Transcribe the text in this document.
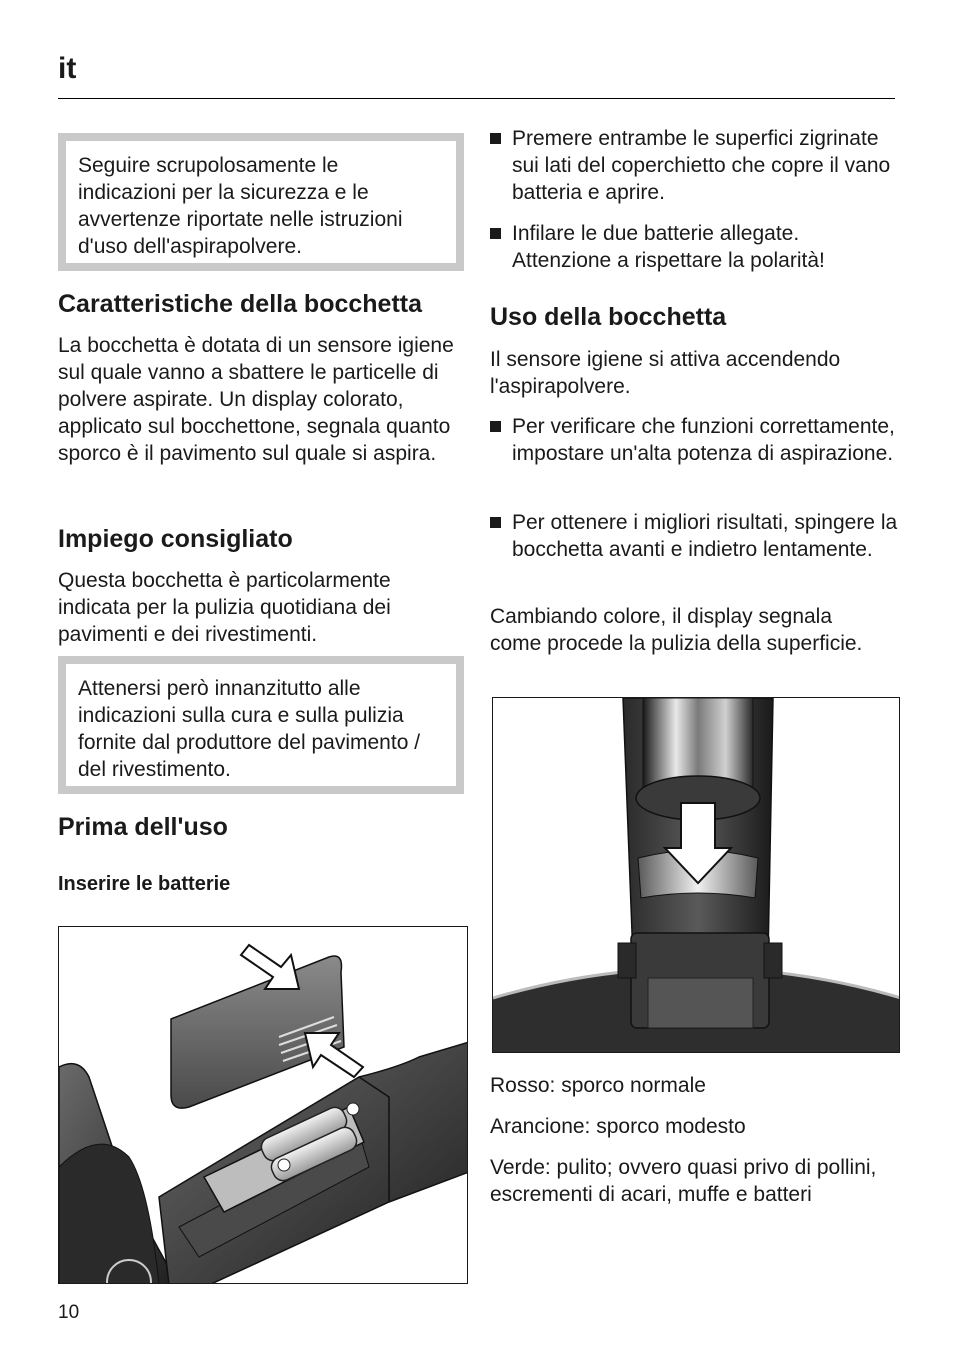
it
Seguire scrupolosamente le indicazioni per la sicurezza e le avvertenze riportate nelle istruzioni d'uso dell'aspirapolvere.
Caratteristiche della bocchetta

La bocchetta è dotata di un sensore igiene sul quale vanno a sbattere le particelle di polvere aspirate. Un display colorato, applicato sul bocchettone, segnala quanto sporco è il pavimento sul quale si aspira.

Impiego consigliato

Questa bocchetta è particolarmente indicata per la pulizia quotidiana dei pavimenti e dei rivestimenti.

Attenersi però innanzitutto alle indicazioni sulla cura e sulla pulizia fornite dal produttore del pavimento / del rivestimento.
Prima dell'uso
Inserire le batterie
Premere entrambe le superfici zigrinate sui lati del coperchietto che copre il vano batteria e aprire.
Infilare le due batterie allegate. Attenzione a rispettare la polarità!
Uso della bocchetta

Il sensore igiene si attiva accendendo l'aspirapolvere.

Per verificare che funzioni correttamente, impostare un'alta potenza di aspirazione.
Per ottenere i migliori risultati, spingere la bocchetta avanti e indietro lentamente.

Cambiando colore, il display segnala come procede la pulizia della superficie.

Rosso: sporco normale

Arancione: sporco modesto

Verde: pulito; ovvero quasi privo di pollini, escrementi di acari, muffe e batteri

10
